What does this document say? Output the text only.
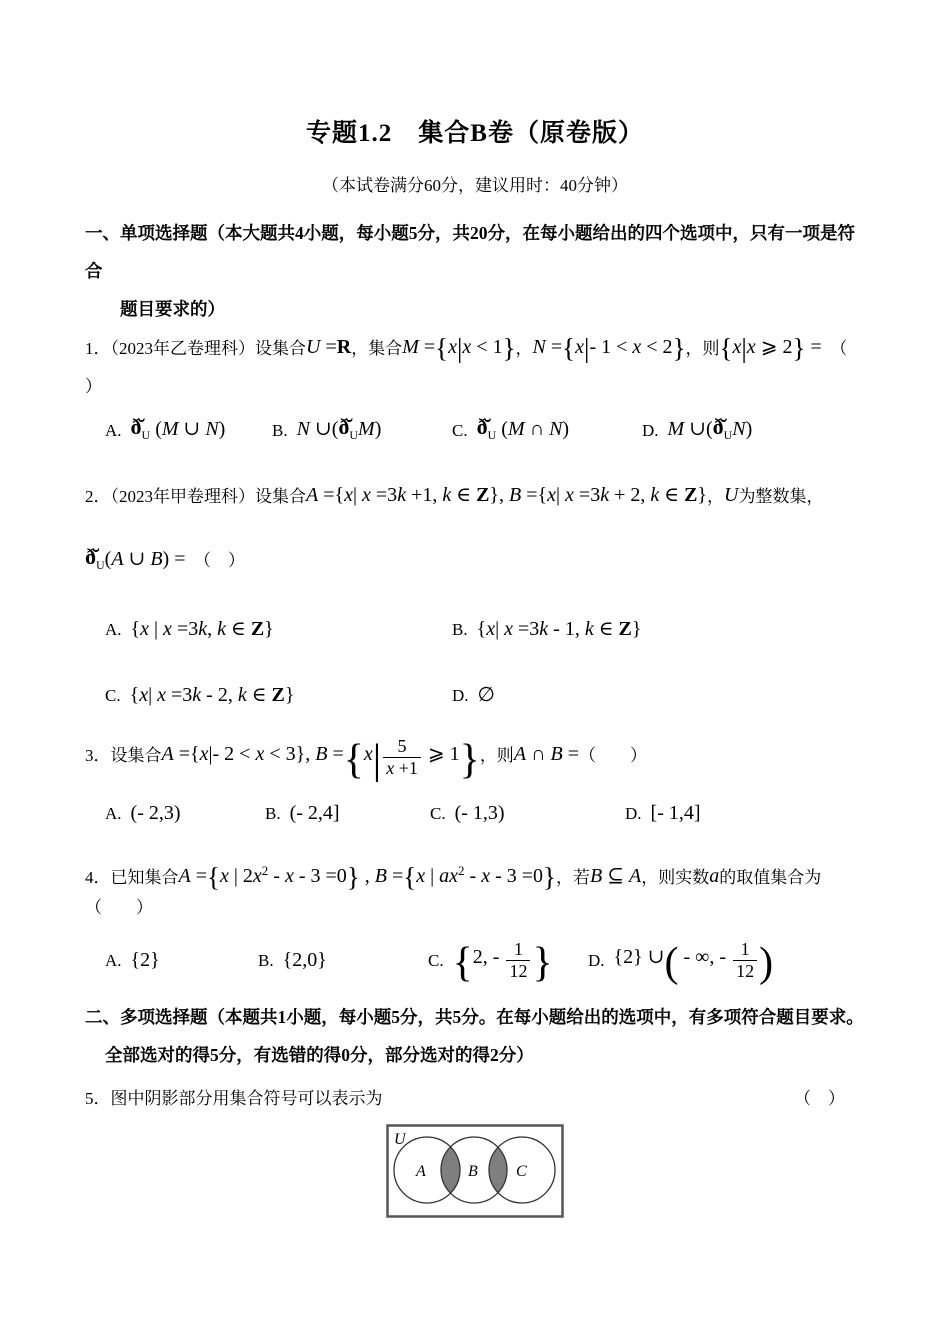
专题1.2　集合B卷（原卷版）
（本试卷满分60分，建议用时：40分钟）
一、单项选择题（本大题共4小题，每小题5分，共20分，在每小题给出的四个选项中，只有一项是符合
题目要求的）
1．（2023年乙卷理科）设集合U =R，集合M ={x|x < 1}，N ={x|- 1 < x < 2}，则{x|x ⩾ 2} = （
）
A. $ð̆_U$ (M ∪ N)	B. N $\cup(ð̆_UM)$	C. $ð̆_U$ (M ∩ N)	D. M $\cup(ð̆_UN)$
2．（2023年甲卷理科）设集合A ={x| x =3k +1, k ∈ Z}, B ={x| x =3k + 2, k ∈ Z}，U为整数集，
$ð̆_U(A$ ∪ B) = （　）
A. {x | x =3k, k ∈ Z}	B. {x| x =3k - 1, k ∈ Z}
C. {x| x =3k - 2, k ∈ Z}	D. ∅
3．设集合A ={x|- 2 < x < 3}, $B =\{x| \frac{5}{x +1}$ ⩾ 1}，则A ∩ B =（　　）
A. (- 2,3)	B. (- 2,4]	C. (- 1,3)	D. [- 1,4]
4．已知集合A ={x | $2x^2 - x - 3 =0$} , B ={x | $ax^2 - x - 3 =0$}，若B ⊆ A，则实数a的取值集合为（　　）
A. {2}	B. {2,0}	C. {2, - $\frac{1}{12}$ } D. {2} ∪( - ∞, - $\frac{1}{12}$ )
二、多项选择题（本题共1小题，每小题5分，共5分。在每小题给出的选项中，有多项符合题目要求。
全部选对的得5分，有选错的得0分，部分选对的得2分）
5．图中阴影部分用集合符号可以表示为	（　）
U
A	B C
